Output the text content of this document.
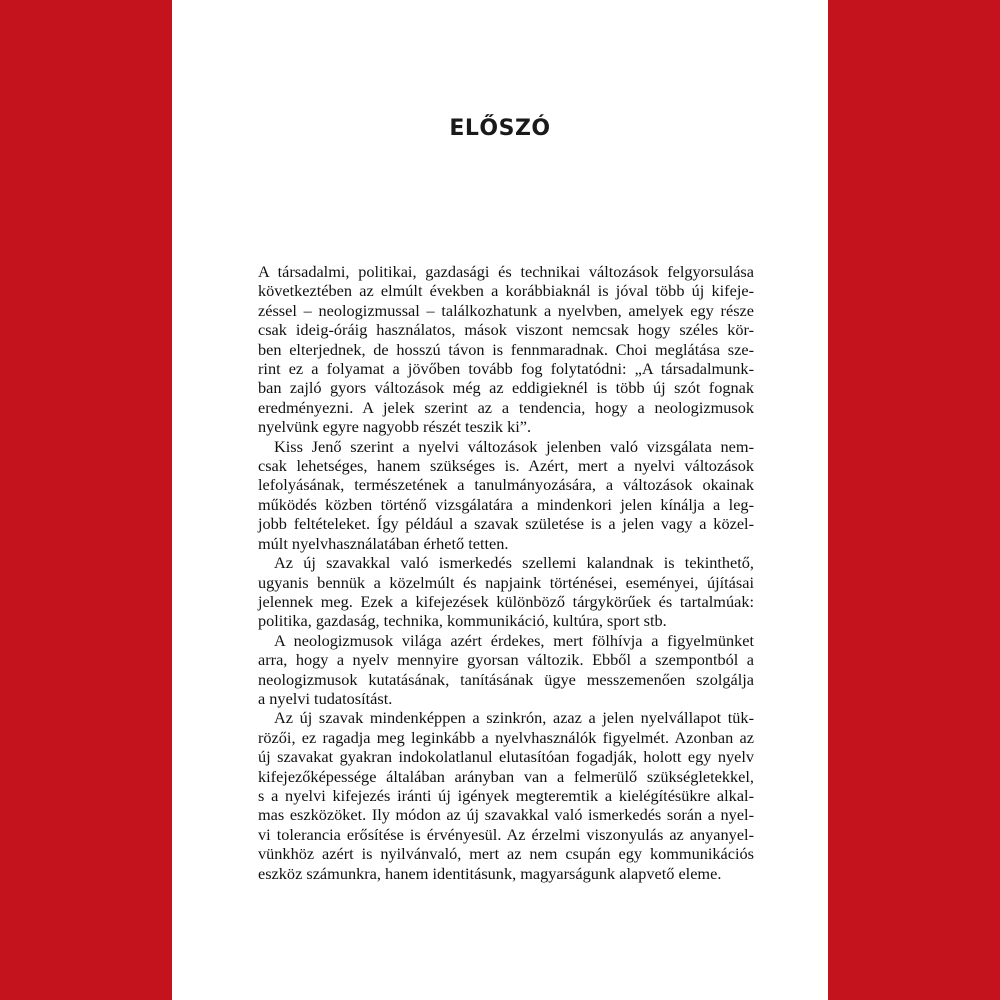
ELŐSZÓ
A társadalmi, politikai, gazdasági és technikai változások felgyorsulása
következtében az elmúlt években a korábbiaknál is jóval több új kifeje-
zéssel – neologizmussal – találkozhatunk a nyelvben, amelyek egy része
csak ideig-óráig használatos, mások viszont nemcsak hogy széles kör-
ben elterjednek, de hosszú távon is fennmaradnak. Choi meglátása sze-
rint ez a folyamat a jövőben tovább fog folytatódni: „A társadalmunk-
ban zajló gyors változások még az eddigieknél is több új szót fognak
eredményezni. A jelek szerint az a tendencia, hogy a neologizmusok
nyelvünk egyre nagyobb részét teszik ki”.
Kiss Jenő szerint a nyelvi változások jelenben való vizsgálata nem-
csak lehetséges, hanem szükséges is. Azért, mert a nyelvi változások
lefolyásának, természetének a tanulmányozására, a változások okainak
működés közben történő vizsgálatára a mindenkori jelen kínálja a leg-
jobb feltételeket. Így például a szavak születése is a jelen vagy a közel-
múlt nyelvhasználatában érhető tetten.
Az új szavakkal való ismerkedés szellemi kalandnak is tekinthető,
ugyanis bennük a közelmúlt és napjaink történései, eseményei, újításai
jelennek meg. Ezek a kifejezések különböző tárgykörűek és tartalmúak:
politika, gazdaság, technika, kommunikáció, kultúra, sport stb.
A neologizmusok világa azért érdekes, mert fölhívja a figyelmünket
arra, hogy a nyelv mennyire gyorsan változik. Ebből a szempontból a
neologizmusok kutatásának, tanításának ügye messzemenően szolgálja
a nyelvi tudatosítást.
Az új szavak mindenképpen a szinkrón, azaz a jelen nyelvállapot tük-
rözői, ez ragadja meg leginkább a nyelvhasználók figyelmét. Azonban az
új szavakat gyakran indokolatlanul elutasítóan fogadják, holott egy nyelv
kifejezőképessége általában arányban van a felmerülő szükségletekkel,
s a nyelvi kifejezés iránti új igények megteremtik a kielégítésükre alkal-
mas eszközöket. Ily módon az új szavakkal való ismerkedés során a nyel-
vi tolerancia erősítése is érvényesül. Az érzelmi viszonyulás az anyanyel-
vünkhöz azért is nyilvánvaló, mert az nem csupán egy kommunikációs
eszköz számunkra, hanem identitásunk, magyarságunk alapvető eleme.
